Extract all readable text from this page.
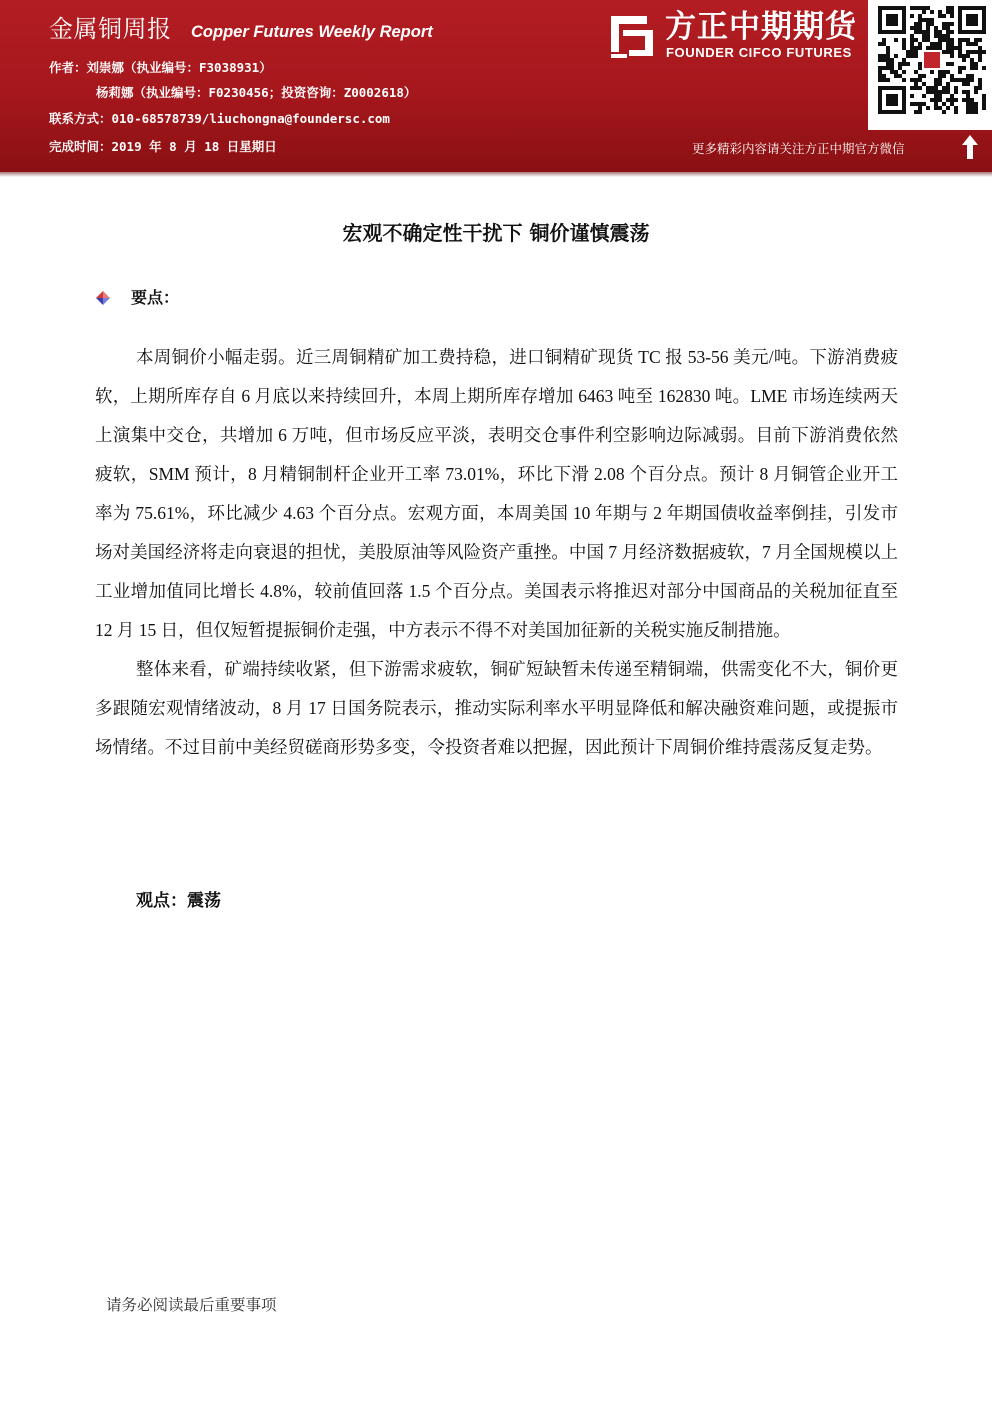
金属铜周报 Copper Futures Weekly Report
作者：刘崇娜（执业编号：F3038931）
杨莉娜（执业编号：F0230456；投资咨询：Z0002618）
联系方式：010-68578739/liuchongna@foundersc.com
完成时间：2019 年 8 月 18 日星期日
方正中期期货
FOUNDER CIFCO FUTURES
更多精彩内容请关注方正中期官方微信
宏观不确定性干扰下 铜价谨慎震荡
要点：

本周铜价小幅走弱。近三周铜精矿加工费持稳，进口铜精矿现货 TC 报 53-56 美元/吨。下游消费疲软，上期所库存自 6 月底以来持续回升，本周上期所库存增加 6463 吨至 162830 吨。LME 市场连续两天上演集中交仓，共增加 6 万吨，但市场反应平淡，表明交仓事件利空影响边际减弱。目前下游消费依然疲软，SMM 预计，8 月精铜制杆企业开工率 73.01%，环比下滑 2.08 个百分点。预计 8 月铜管企业开工率为 75.61%，环比减少 4.63 个百分点。宏观方面，本周美国 10 年期与 2 年期国债收益率倒挂，引发市场对美国经济将走向衰退的担忧，美股原油等风险资产重挫。中国 7 月经济数据疲软，7 月全国规模以上工业增加值同比增长 4.8%，较前值回落 1.5 个百分点。美国表示将推迟对部分中国商品的关税加征直至 12 月 15 日，但仅短暂提振铜价走强，中方表示不得不对美国加征新的关税实施反制措施。

整体来看，矿端持续收紧，但下游需求疲软，铜矿短缺暂未传递至精铜端，供需变化不大，铜价更多跟随宏观情绪波动，8 月 17 日国务院表示，推动实际利率水平明显降低和解决融资难问题，或提振市场情绪。不过目前中美经贸磋商形势多变，令投资者难以把握，因此预计下周铜价维持震荡反复走势。

观点：震荡
请务必阅读最后重要事项
